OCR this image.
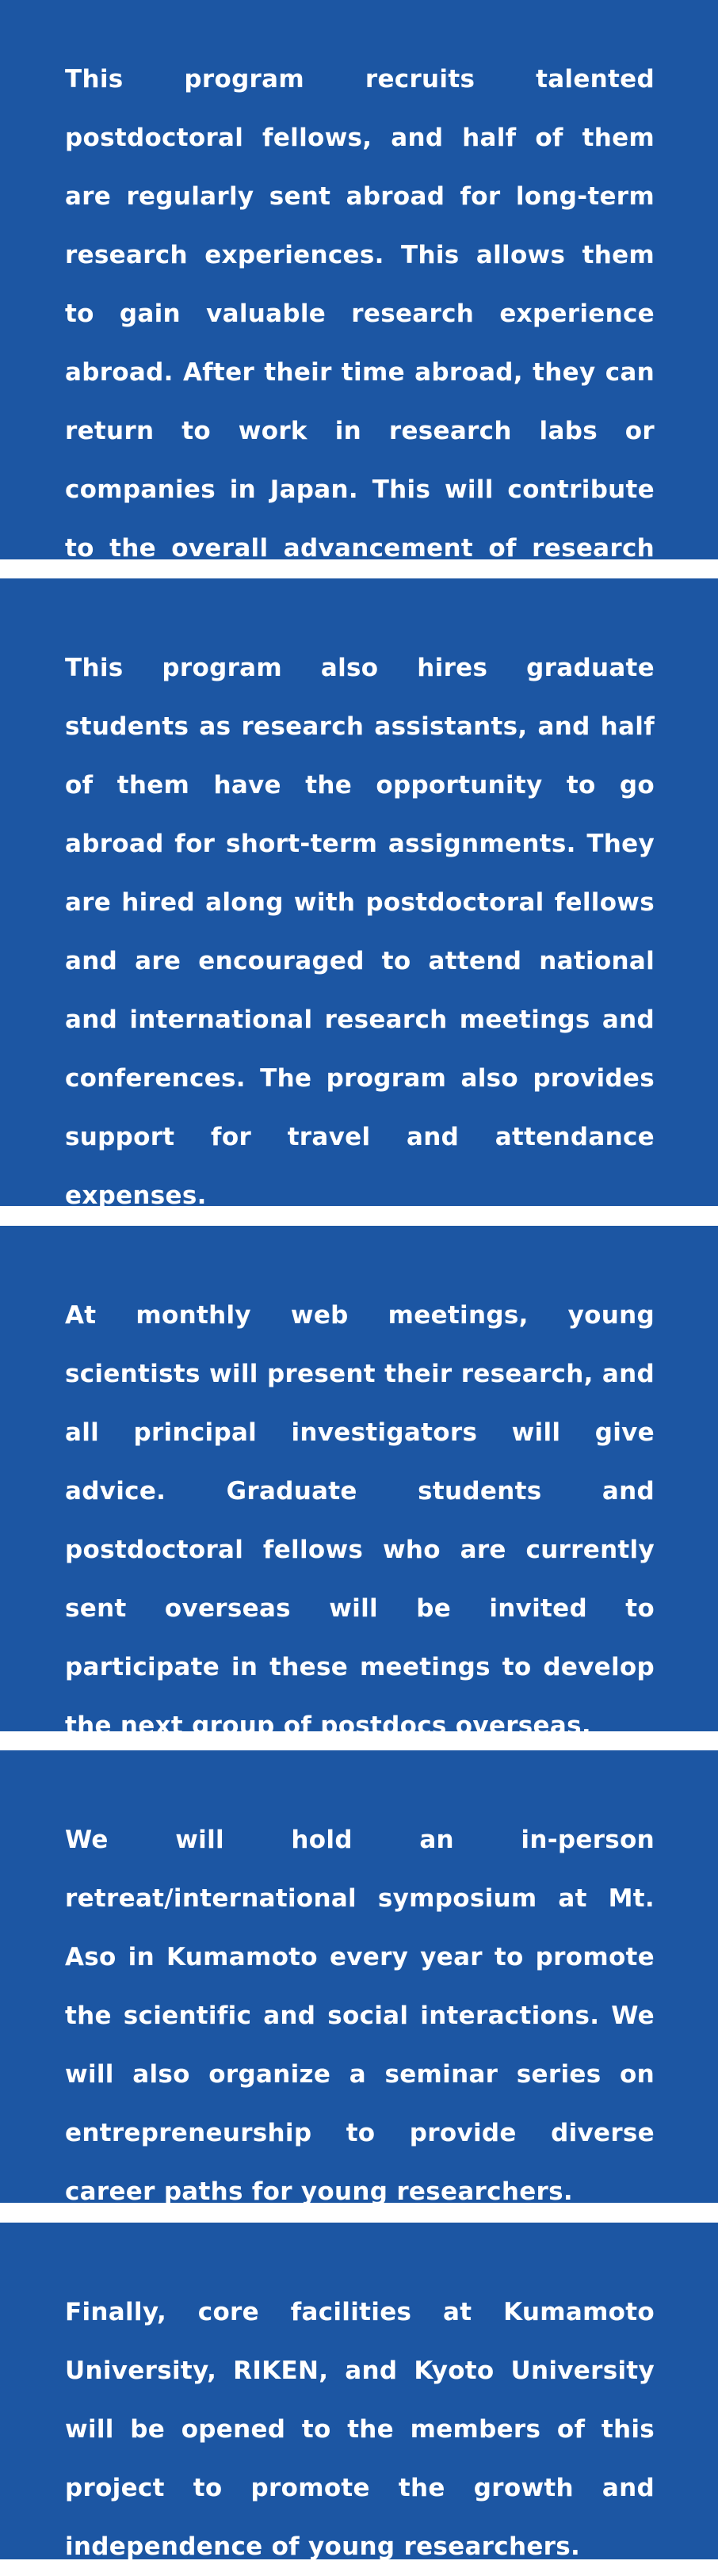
This program recruits talented postdoctoral fellows, and half of them are regularly sent abroad for long-term research experiences. This allows them to gain valuable research experience abroad. After their time abroad, they can return to work in research labs or companies in Japan. This will contribute to the overall advancement of research

This program also hires graduate students as research assistants, and half of them have the opportunity to go abroad for short-term assignments. They are hired along with postdoctoral fellows and are encouraged to attend national and international research meetings and conferences. The program also provides support for travel and attendance expenses.

At monthly web meetings, young scientists will present their research, and all principal investigators will give advice. Graduate students and postdoctoral fellows who are currently sent overseas will be invited to participate in these meetings to develop the next group of postdocs overseas.

We will hold an in-person retreat/international symposium at Mt. Aso in Kumamoto every year to promote the scientific and social interactions. We will also organize a seminar series on entrepreneurship to provide diverse career paths for young researchers.

Finally, core facilities at Kumamoto University, RIKEN, and Kyoto University will be opened to the members of this project to promote the growth and independence of young researchers.
